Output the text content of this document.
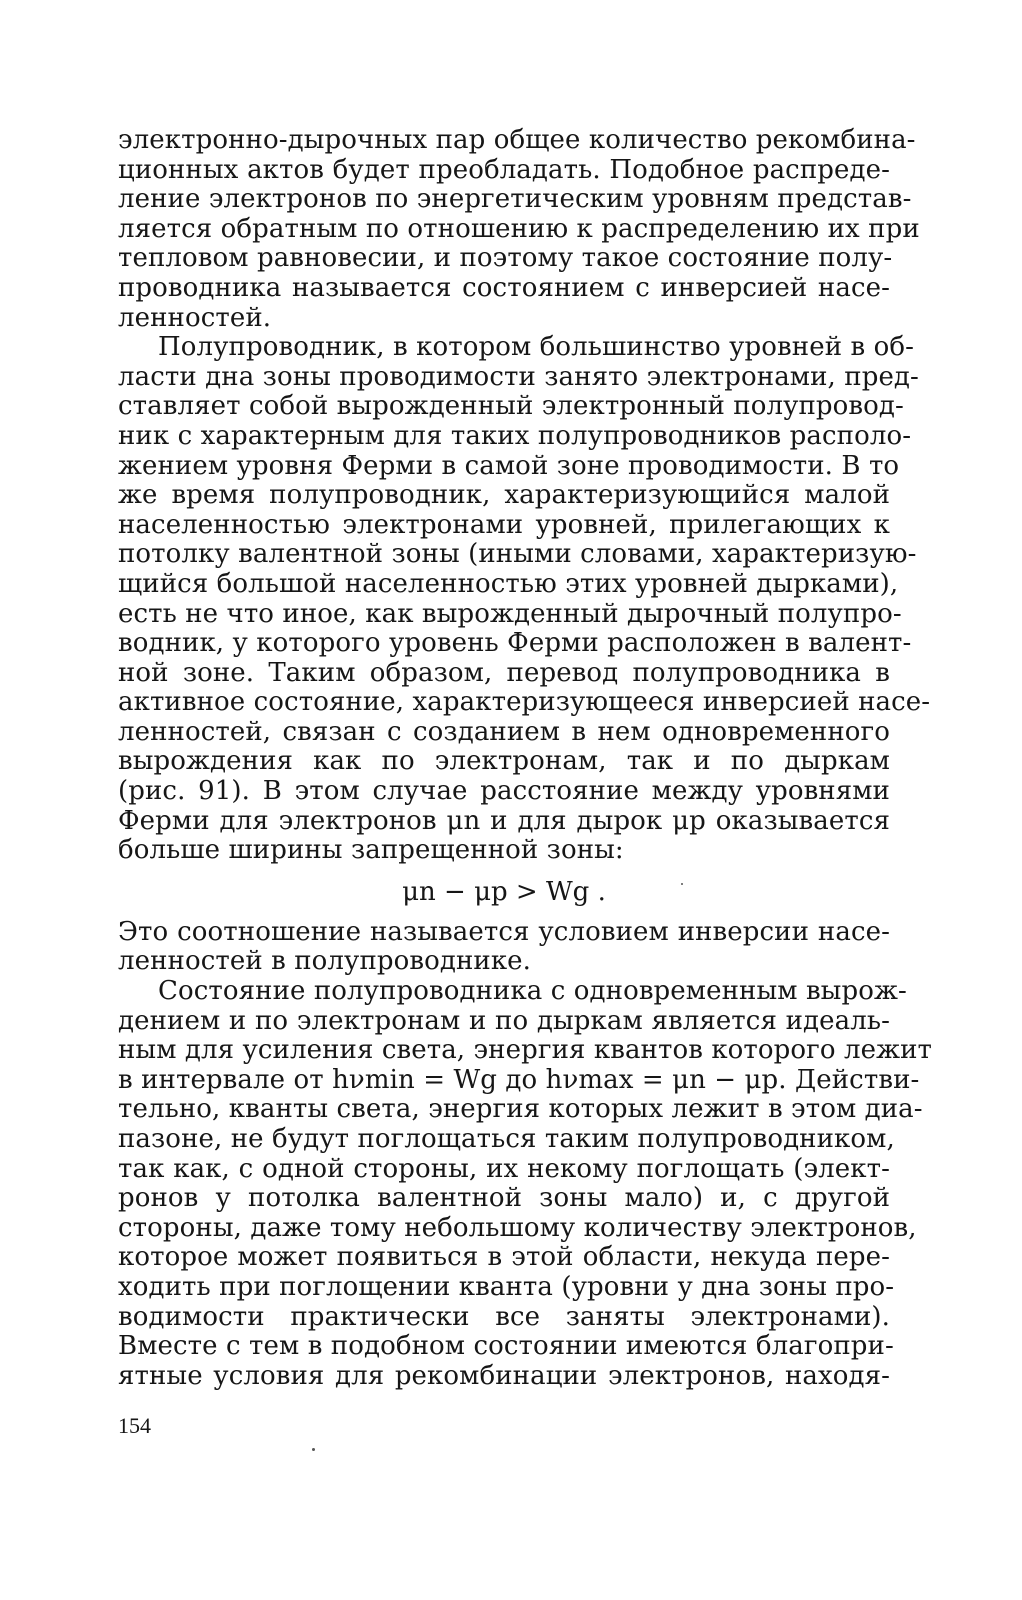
электронно-дырочных пар общее количество рекомбина-
ционных актов будет преобладать. Подобное распреде-
ление электронов по энергетическим уровням представ-
ляется обратным по отношению к распределению их при
тепловом равновесии, и поэтому такое состояние полу-
проводника называется состоянием с инверсией насе-
ленностей.
Полупроводник, в котором большинство уровней в об-
ласти дна зоны проводимости занято электронами, пред-
ставляет собой вырожденный электронный полупровод-
ник с характерным для таких полупроводников располо-
жением уровня Ферми в самой зоне проводимости. В то
же время полупроводник, характеризующийся малой
населенностью электронами уровней, прилегающих к
потолку валентной зоны (иными словами, характеризую-
щийся большой населенностью этих уровней дырками),
есть не что иное, как вырожденный дырочный полупро-
водник, у которого уровень Ферми расположен в валент-
ной зоне. Таким образом, перевод полупроводника в
активное состояние, характеризующееся инверсией насе-
ленностей, связан с созданием в нем одновременного
вырождения как по электронам, так и по дыркам
(рис. 91). В этом случае расстояние между уровнями
Ферми для электронов μn и для дырок μp оказывается
больше ширины запрещенной зоны:
μn − μp > Wg .
Это соотношение называется условием инверсии насе-
ленностей в полупроводнике.
Состояние полупроводника с одновременным вырож-
дением и по электронам и по дыркам является идеаль-
ным для усиления света, энергия квантов которого лежит
в интервале от hνmin = Wg до hνmax = μn − μp. Действи-
тельно, кванты света, энергия которых лежит в этом диа-
пазоне, не будут поглощаться таким полупроводником,
так как, с одной стороны, их некому поглощать (элект-
ронов у потолка валентной зоны мало) и, с другой
стороны, даже тому небольшому количеству электронов,
которое может появиться в этой области, некуда пере-
ходить при поглощении кванта (уровни у дна зоны про-
водимости практически все заняты электронами).
Вместе с тем в подобном состоянии имеются благопри-
ятные условия для рекомбинации электронов, находя-
154
